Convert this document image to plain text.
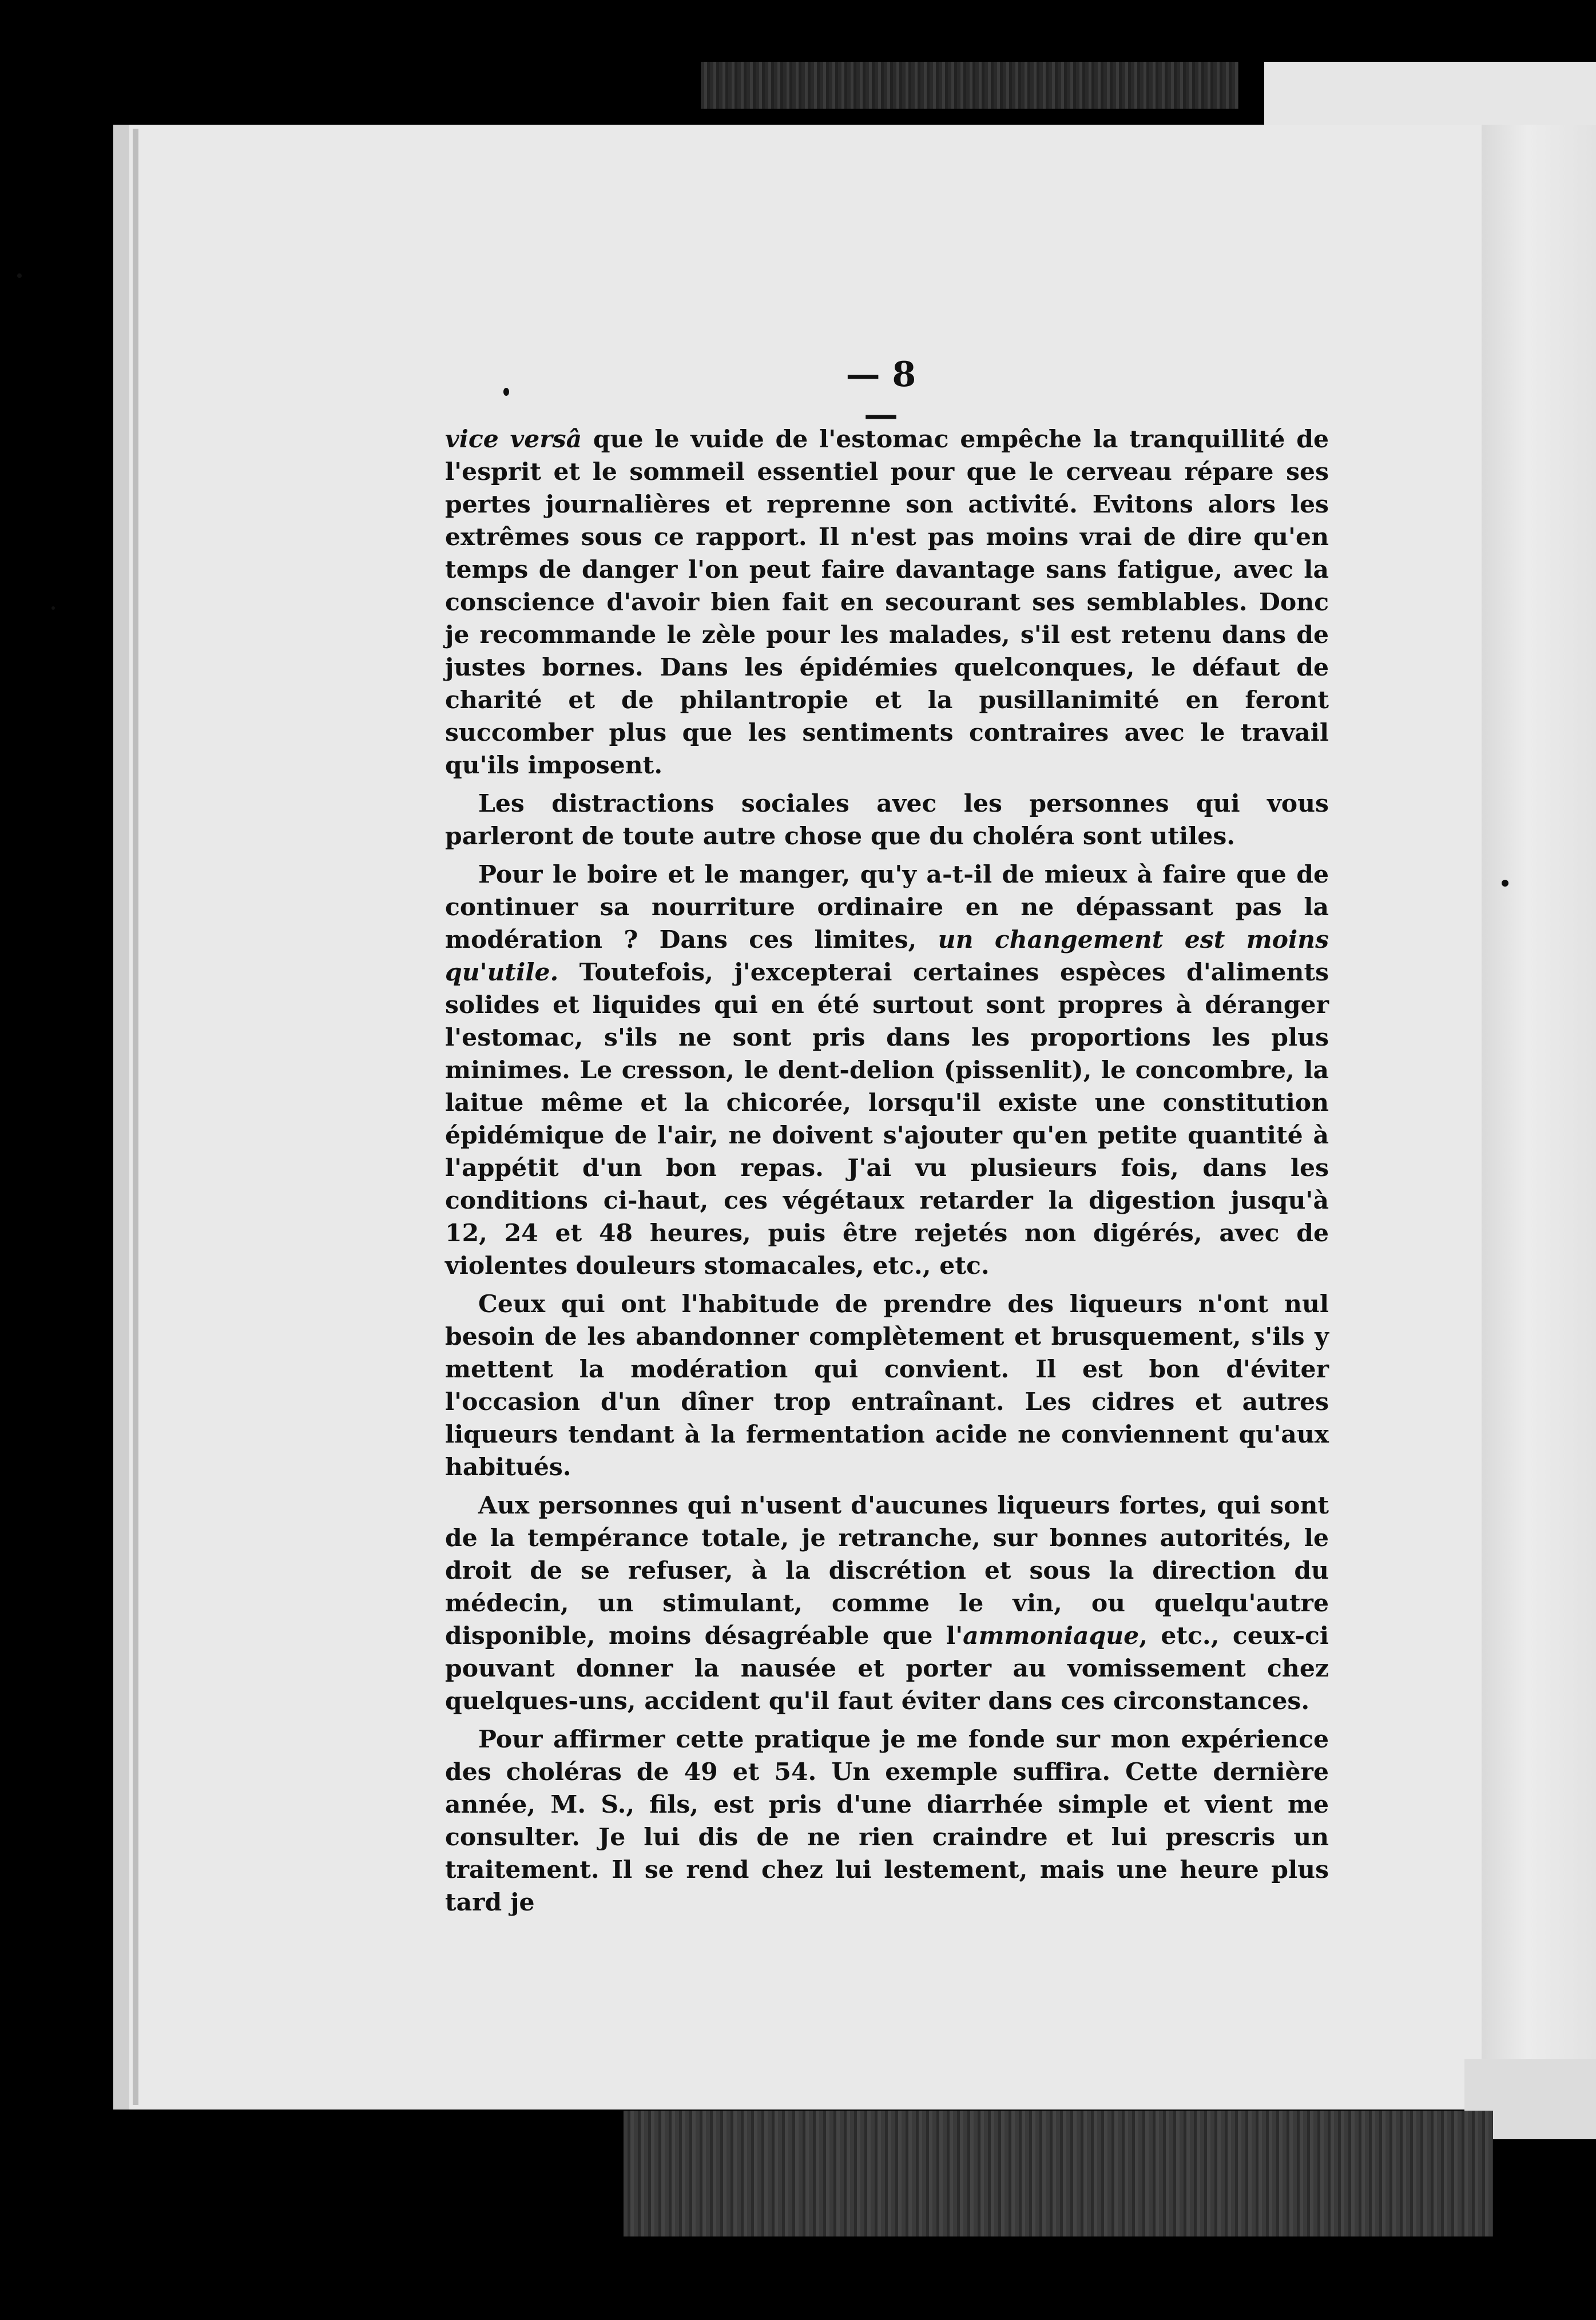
— 8 —

vice versâ que le vuide de l'estomac empêche la tranquillité de l'esprit et le sommeil essentiel pour que le cerveau répare ses pertes journalières et reprenne son activité. Evitons alors les extrêmes sous ce rapport. Il n'est pas moins vrai de dire qu'en temps de danger l'on peut faire davantage sans fatigue, avec la conscience d'avoir bien fait en secourant ses semblables. Donc je recommande le zèle pour les malades, s'il est retenu dans de justes bornes. Dans les épidémies quelconques, le défaut de charité et de philantropie et la pusillanimité en feront succomber plus que les sentiments contraires avec le travail qu'ils imposent.

Les distractions sociales avec les personnes qui vous parleront de toute autre chose que du choléra sont utiles.

Pour le boire et le manger, qu'y a-t-il de mieux à faire que de continuer sa nourriture ordinaire en ne dépassant pas la modération ? Dans ces limites, un changement est moins qu'utile. Toutefois, j'excepterai certaines espèces d'aliments solides et liquides qui en été surtout sont propres à déranger l'estomac, s'ils ne sont pris dans les proportions les plus minimes. Le cresson, le dent-delion (pissenlit), le concombre, la laitue même et la chicorée, lorsqu'il existe une constitution épidémique de l'air, ne doivent s'ajouter qu'en petite quantité à l'appétit d'un bon repas. J'ai vu plusieurs fois, dans les conditions ci-haut, ces végétaux retarder la digestion jusqu'à 12, 24 et 48 heures, puis être rejetés non digérés, avec de violentes douleurs stomacales, etc., etc.

Ceux qui ont l'habitude de prendre des liqueurs n'ont nul besoin de les abandonner complètement et brusquement, s'ils y mettent la modération qui convient. Il est bon d'éviter l'occasion d'un dîner trop entraînant. Les cidres et autres liqueurs tendant à la fermentation acide ne conviennent qu'aux habitués.

Aux personnes qui n'usent d'aucunes liqueurs fortes, qui sont de la tempérance totale, je retranche, sur bonnes autorités, le droit de se refuser, à la discrétion et sous la direction du médecin, un stimulant, comme le vin, ou quelqu'autre disponible, moins désagréable que l'ammoniaque, etc., ceux-ci pouvant donner la nausée et porter au vomissement chez quelques-uns, accident qu'il faut éviter dans ces circonstances.

Pour affirmer cette pratique je me fonde sur mon expérience des choléras de 49 et 54. Un exemple suffira. Cette dernière année, M. S., fils, est pris d'une diarrhée simple et vient me consulter. Je lui dis de ne rien craindre et lui prescris un traitement. Il se rend chez lui lestement, mais une heure plus tard je
